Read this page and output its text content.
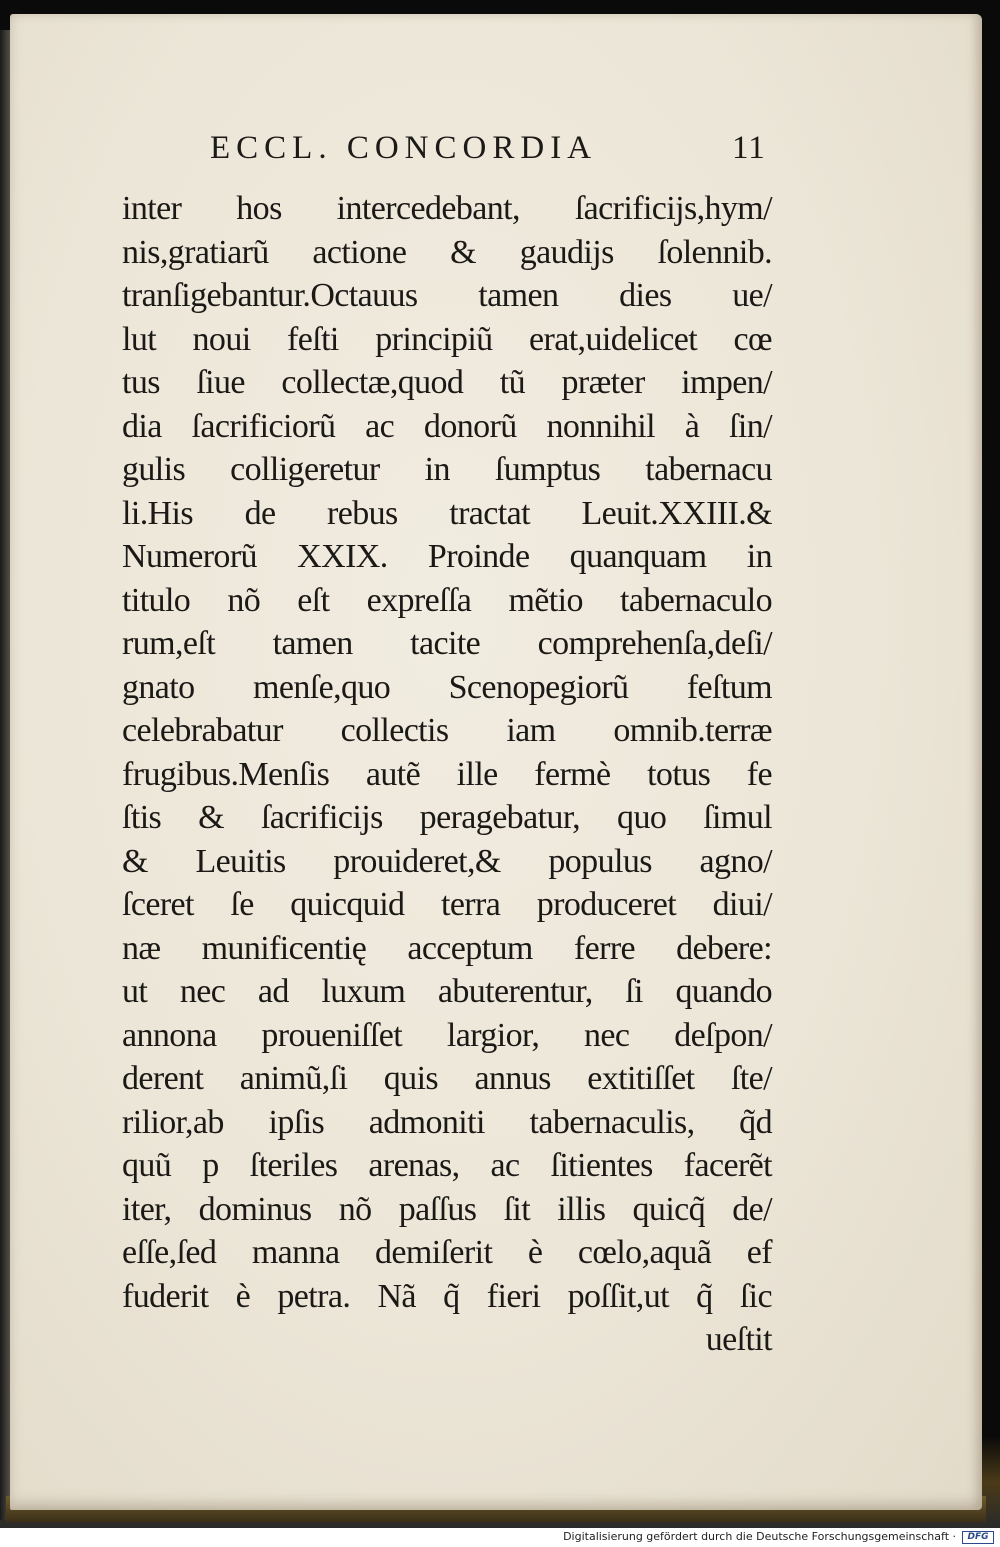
ECCL. CONCORDIA	11
inter hos intercedebant, ſacrificijs,hym/
nis,gratiarũ actione & gaudijs ſolennib.
tranſigebantur.Octauus tamen dies ue/
lut noui feſti principiũ erat,uidelicet cœ
tus ſiue collectæ,quod tũ præter impen/
dia ſacrificiorũ ac donorũ nonnihil à ſin/
gulis colligeretur in ſumptus tabernacu
li.His de rebus tractat Leuit.XXIII.&
Numerorũ XXIX. Proinde quanquam in
titulo nõ eſt expreſſa mẽtio tabernaculo
rum,eſt tamen tacite comprehenſa,deſi/
gnato menſe,quo Scenopegiorũ feſtum
celebrabatur collectis iam omnib.terræ
frugibus.Menſis autẽ ille fermè totus fe
ſtis & ſacrificijs peragebatur, quo ſimul
& Leuitis prouideret,& populus agno/
ſceret ſe quicquid terra produceret diui/
næ munificentię acceptum ferre debere:
ut nec ad luxum abuterentur, ſi quando
annona proueniſſet largior, nec deſpon/
derent animũ,ſi quis annus extitiſſet ſte/
rilior,ab ipſis admoniti tabernaculis, q̃d
quũ p ſteriles arenas, ac ſitientes facerẽt
iter, dominus nõ paſſus ſit illis quicq̃ de/
eſſe,ſed manna demiſerit è cœlo,aquã ef
fuderit è petra. Nã q̃ fieri poſſit,ut q̃ ſic
ueſtit
Digitalisierung gefördert durch die Deutsche Forschungsgemeinschaft ·	DFG
